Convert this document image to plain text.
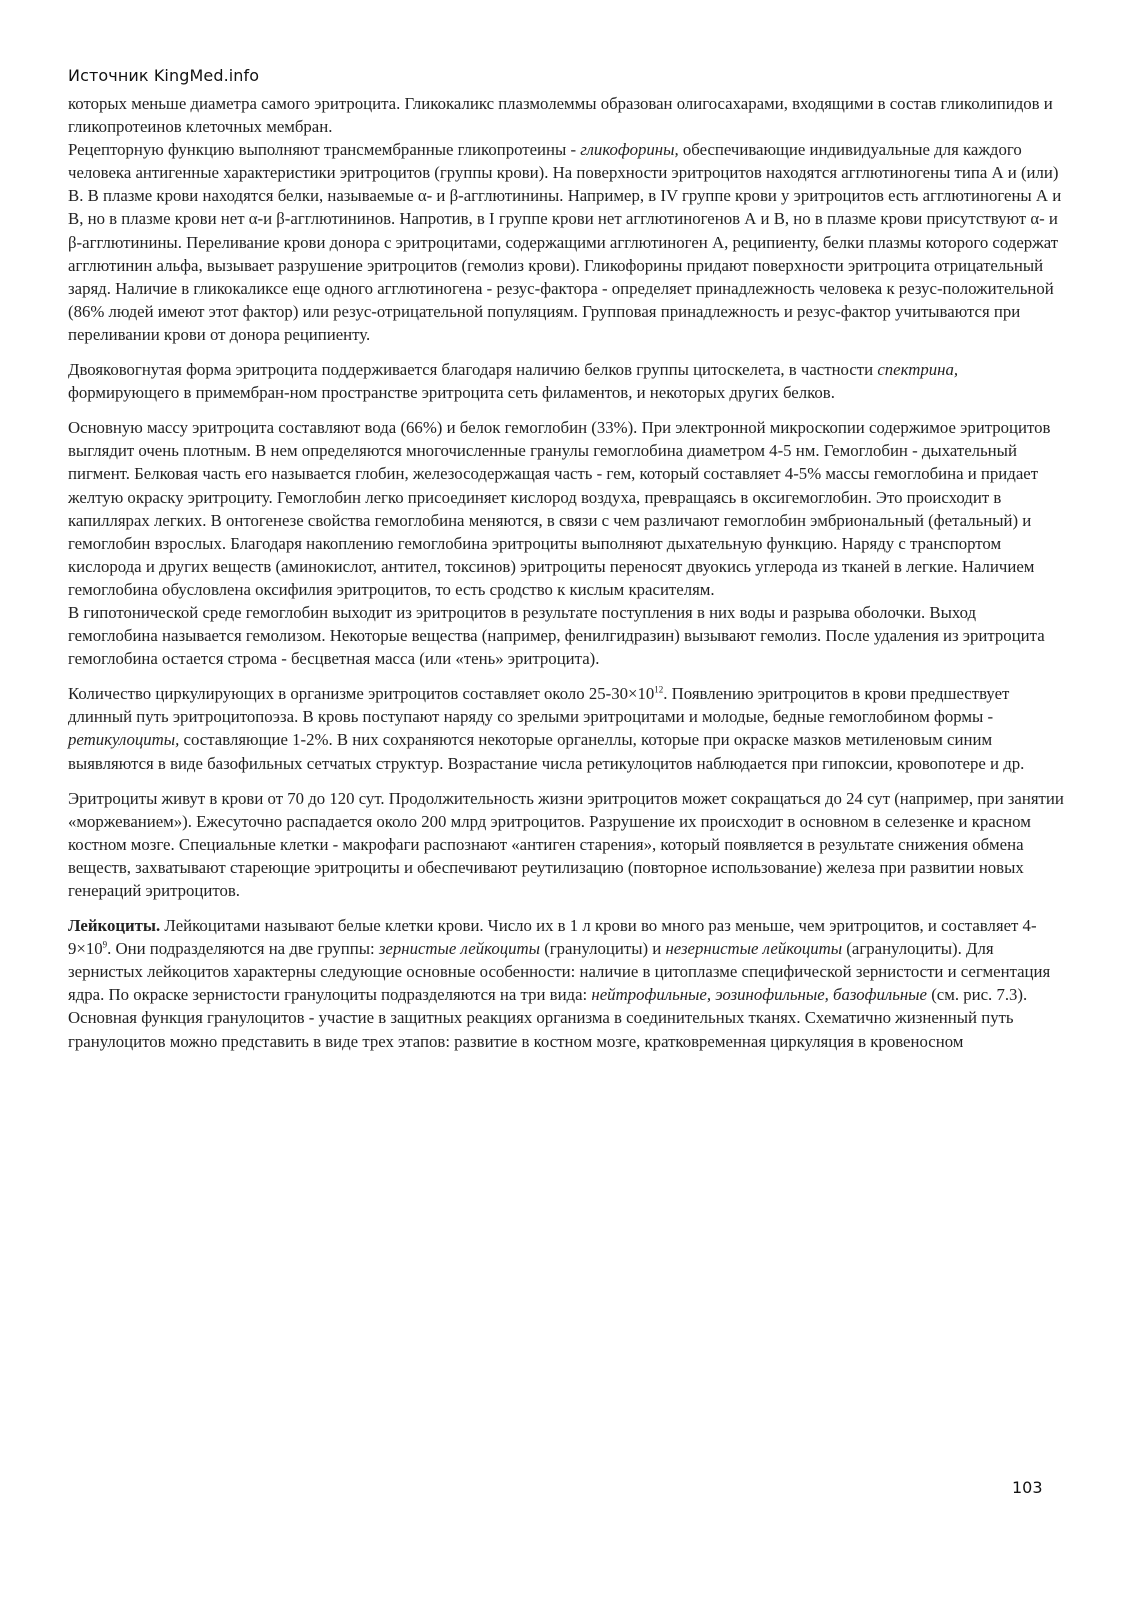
Источник KingMed.info

которых меньше диаметра самого эритроцита. Гликокаликс плазмолеммы образован олигосахарами, входящими в состав гликолипидов и гликопротеинов клеточных мембран.

Рецепторную функцию выполняют трансмембранные гликопротеины - гликофорины, обеспечивающие индивидуальные для каждого человека антигенные характеристики эритроцитов (группы крови). На поверхности эритроцитов находятся агглютиногены типа А и (или) В. В плазме крови находятся белки, называемые α- и β-агглютинины. Например, в IV группе крови у эритроцитов есть агглютиногены А и В, но в плазме крови нет α-и β-агглютининов. Напротив, в I группе крови нет агглютиногенов А и В, но в плазме крови присутствуют α- и β-агглютинины. Переливание крови донора с эритроцитами, содержащими агглютиноген А, реципиенту, белки плазмы которого содержат агглютинин альфа, вызывает разрушение эритроцитов (гемолиз крови). Гликофорины придают поверхности эритроцита отрицательный заряд. Наличие в гликокаликсе еще одного агглютиногена - резус-фактора - определяет принадлежность человека к резус-положительной (86% людей имеют этот фактор) или резус-отрицательной популяциям. Групповая принадлежность и резус-фактор учитываются при переливании крови от донора реципиенту.

Двояковогнутая форма эритроцита поддерживается благодаря наличию белков группы цитоскелета, в частности спектрина, формирующего в примембран-ном пространстве эритроцита сеть филаментов, и некоторых других белков.

Основную массу эритроцита составляют вода (66%) и белок гемоглобин (33%). При электронной микроскопии содержимое эритроцитов выглядит очень плотным. В нем определяются многочисленные гранулы гемоглобина диаметром 4-5 нм. Гемоглобин - дыхательный пигмент. Белковая часть его называется глобин, железосодержащая часть - гем, который составляет 4-5% массы гемоглобина и придает желтую окраску эритроциту. Гемоглобин легко присоединяет кислород воздуха, превращаясь в оксигемоглобин. Это происходит в капиллярах легких. В онтогенезе свойства гемоглобина меняются, в связи с чем различают гемоглобин эмбриональный (фетальный) и гемоглобин взрослых. Благодаря накоплению гемоглобина эритроциты выполняют дыхательную функцию. Наряду с транспортом кислорода и других веществ (аминокислот, антител, токсинов) эритроциты переносят двуокись углерода из тканей в легкие. Наличием гемоглобина обусловлена оксифилия эритроцитов, то есть сродство к кислым красителям.

В гипотонической среде гемоглобин выходит из эритроцитов в результате поступления в них воды и разрыва оболочки. Выход гемоглобина называется гемолизом. Некоторые вещества (например, фенилгидразин) вызывают гемолиз. После удаления из эритроцита гемоглобина остается строма - бесцветная масса (или «тень» эритроцита).

Количество циркулирующих в организме эритроцитов составляет около $25-30\times 10^{12}$. Появлению эритроцитов в крови предшествует длинный путь эритроцитопоэза. В кровь поступают наряду со зрелыми эритроцитами и молодые, бедные гемоглобином формы - ретикулоциты, составляющие 1-2%. В них сохраняются некоторые органеллы, которые при окраске мазков метиленовым синим выявляются в виде базофильных сетчатых структур. Возрастание числа ретикулоцитов наблюдается при гипоксии, кровопотере и др.

Эритроциты живут в крови от 70 до 120 сут. Продолжительность жизни эритроцитов может сокращаться до 24 сут (например, при занятии «моржеванием»). Ежесуточно распадается около 200 млрд эритроцитов. Разрушение их происходит в основном в селезенке и красном костном мозге. Специальные клетки - макрофаги распознают «антиген старения», который появляется в результате снижения обмена веществ, захватывают стареющие эритроциты и обеспечивают реутилизацию (повторное использование) железа при развитии новых генераций эритроцитов.

Лейкоциты. Лейкоцитами называют белые клетки крови. Число их в 1 л крови во много раз меньше, чем эритроцитов, и составляет $4-9\times 10^9$. Они подразделяются на две группы: зернистые лейкоциты (гранулоциты) и незернистые лейкоциты (агранулоциты). Для зернистых лейкоцитов характерны следующие основные особенности: наличие в цитоплазме специфической зернистости и сегментация ядра. По окраске зернистости гранулоциты подразделяются на три вида: нейтрофильные, эозинофильные, базофильные (см. рис. 7.3). Основная функция гранулоцитов - участие в защитных реакциях организма в соединительных тканях. Схематично жизненный путь гранулоцитов можно представить в виде трех этапов: развитие в костном мозге, кратковременная циркуляция в кровеносном

103
